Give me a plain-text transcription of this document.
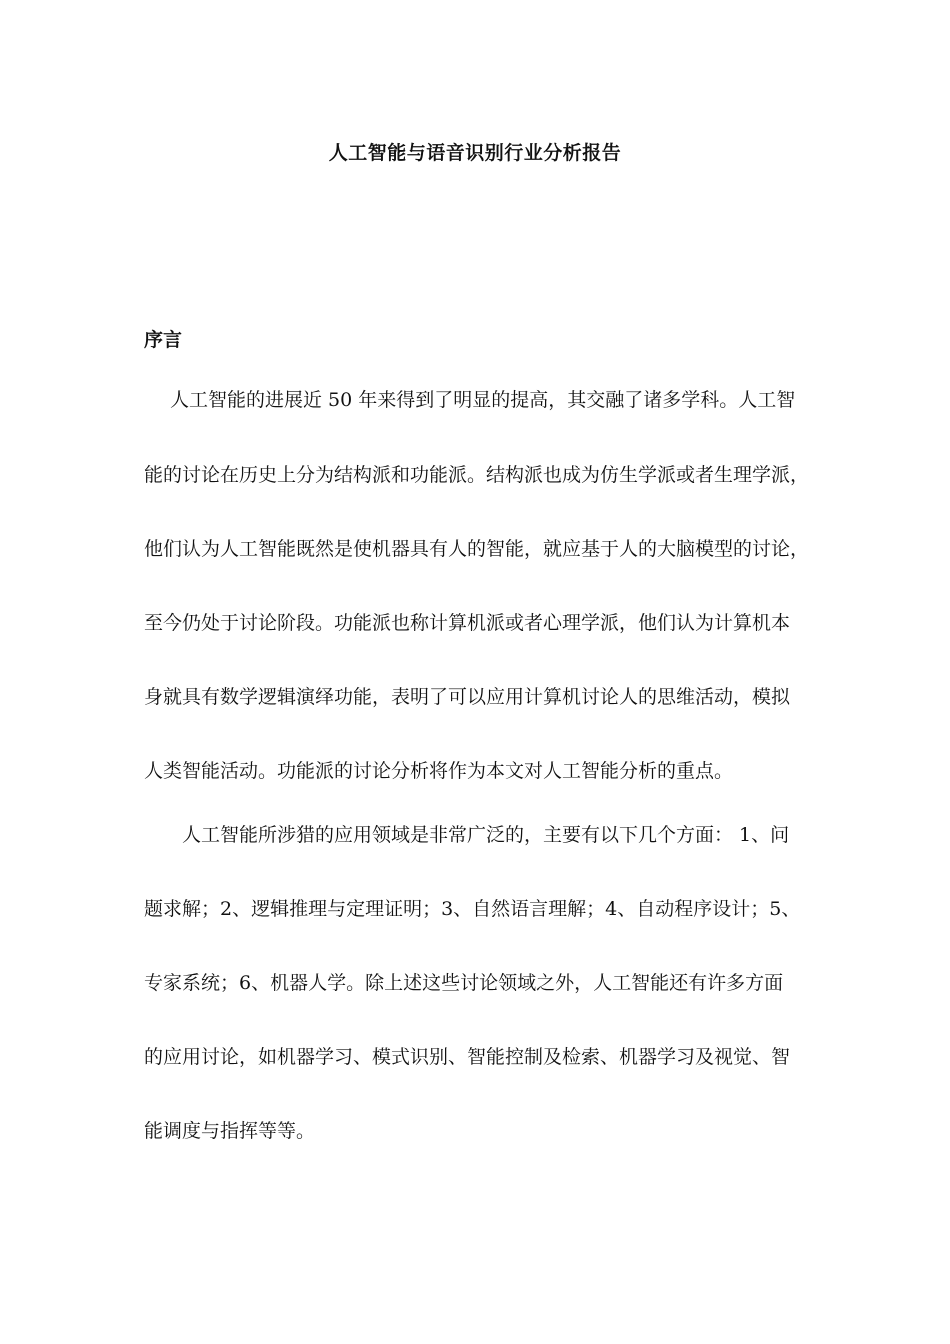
人工智能与语音识别行业分析报告
序言
人工智能的进展近 50 年来得到了明显的提高，其交融了诸多学科。人工智
能的讨论在历史上分为结构派和功能派。结构派也成为仿生学派或者生理学派，
他们认为人工智能既然是使机器具有人的智能，就应基于人的大脑模型的讨论，
至今仍处于讨论阶段。功能派也称计算机派或者心理学派，他们认为计算机本
身就具有数学逻辑演绎功能，表明了可以应用计算机讨论人的思维活动，模拟
人类智能活动。功能派的讨论分析将作为本文对人工智能分析的重点。
人工智能所涉猎的应用领域是非常广泛的，主要有以下几个方面： 1、问
题求解；2、逻辑推理与定理证明；3、自然语言理解；4、自动程序设计；5、
专家系统；6、机器人学。除上述这些讨论领域之外，人工智能还有许多方面
的应用讨论，如机器学习、模式识别、智能控制及检索、机器学习及视觉、智
能调度与指挥等等。
